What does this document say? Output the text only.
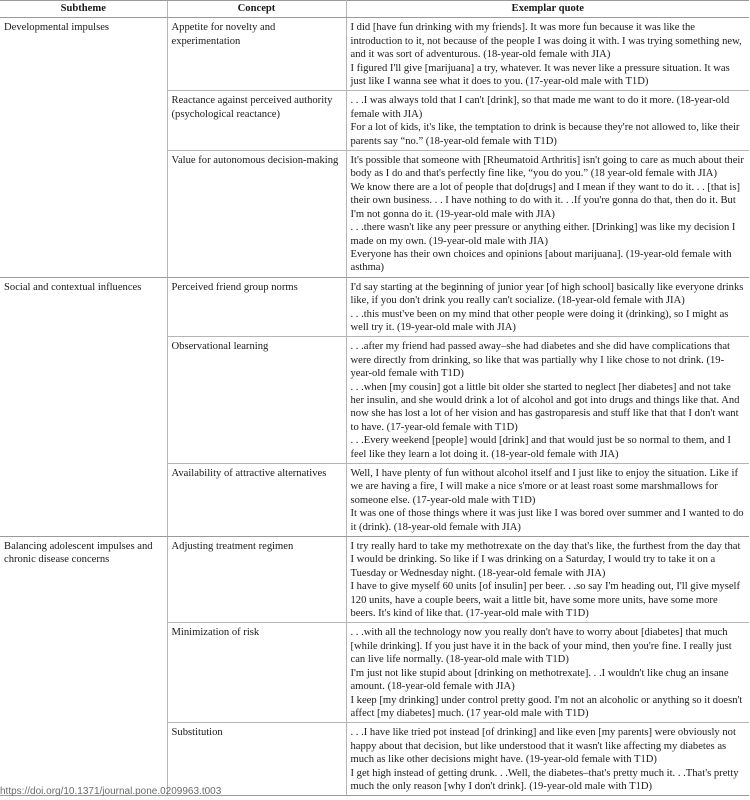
Subtheme	Concept	Exemplar quote
Developmental impulses	Appetite for novelty and experimentation	I did [have fun drinking with my friends]. It was more fun because it was like the introduction to it, not because of the people I was doing it with. I was trying something new, and it was sort of adventurous. (18-year-old female with JIA)
I figured I'll give [marijuana] a try, whatever. It was never like a pressure situation. It was just like I wanna see what it does to you. (17-year-old male with T1D)

	Reactance against perceived authority (psychological reactance)	. . .I was always told that I can't [drink], so that made me want to do it more. (18-year-old female with JIA)
For a lot of kids, it's like, the temptation to drink is because they're not allowed to, like their parents say “no.” (18-year-old female with T1D)

	Value for autonomous decision-making	It's possible that someone with [Rheumatoid Arthritis] isn't going to care as much about their body as I do and that's perfectly fine like, “you do you.” (18 year-old female with JIA)
We know there are a lot of people that do[drugs] and I mean if they want to do it. . . [that is] their own business. . . I have nothing to do with it. . .If you're gonna do that, then do it. But I'm not gonna do it. (19-year-old male with JIA)
. . .there wasn't like any peer pressure or anything either. [Drinking] was like my decision I made on my own. (19-year-old male with JIA)
Everyone has their own choices and opinions [about marijuana]. (19-year-old female with asthma)

Social and contextual influences	Perceived friend group norms	I'd say starting at the beginning of junior year [of high school] basically like everyone drinks like, if you don't drink you really can't socialize. (18-year-old female with JIA)
. . .this must've been on my mind that other people were doing it (drinking), so I might as well try it. (19-year-old male with JIA)

	Observational learning	. . .after my friend had passed away–she had diabetes and she did have complications that were directly from drinking, so like that was partially why I like chose to not drink. (19-year-old female with T1D)
. . .when [my cousin] got a little bit older she started to neglect [her diabetes] and not take her insulin, and she would drink a lot of alcohol and got into drugs and things like that. And now she has lost a lot of her vision and has gastroparesis and stuff like that that I don't want to have. (17-year-old female with T1D)
. . .Every weekend [people] would [drink] and that would just be so normal to them, and I feel like they learn a lot doing it. (18-year-old female with JIA)

	Availability of attractive alternatives	Well, I have plenty of fun without alcohol itself and I just like to enjoy the situation. Like if we are having a fire, I will make a nice s'more or at least roast some marshmallows for someone else. (17-year-old male with T1D)
It was one of those things where it was just like I was bored over summer and I wanted to do it (drink). (18-year-old female with JIA)

Balancing adolescent impulses and chronic disease concerns	Adjusting treatment regimen	I try really hard to take my methotrexate on the day that's like, the furthest from the day that I would be drinking. So like if I was drinking on a Saturday, I would try to take it on a Tuesday or Wednesday night. (18-year-old female with JIA)
I have to give myself 60 units [of insulin] per beer. . .so say I'm heading out, I'll give myself 120 units, have a couple beers, wait a little bit, have some more units, have some more beers. It's kind of like that. (17-year-old male with T1D)

	Minimization of risk	. . .with all the technology now you really don't have to worry about [diabetes] that much [while drinking]. If you just have it in the back of your mind, then you're fine. I really just can live life normally. (18-year-old male with T1D)
I'm just not like stupid about [drinking on methotrexate]. . .I wouldn't like chug an insane amount. (18-year-old female with JIA)
I keep [my drinking] under control pretty good. I'm not an alcoholic or anything so it doesn't affect [my diabetes] much. (17 year-old male with T1D)

	Substitution	. . .I have like tried pot instead [of drinking] and like even [my parents] were obviously not happy about that decision, but like understood that it wasn't like affecting my diabetes as much as like other decisions might have. (19-year-old female with T1D)
I get high instead of getting drunk. . .Well, the diabetes–that's pretty much it. . .That's pretty much the only reason [why I don't drink]. (19-year-old male with T1D)
https://doi.org/10.1371/journal.pone.0209963.t003
